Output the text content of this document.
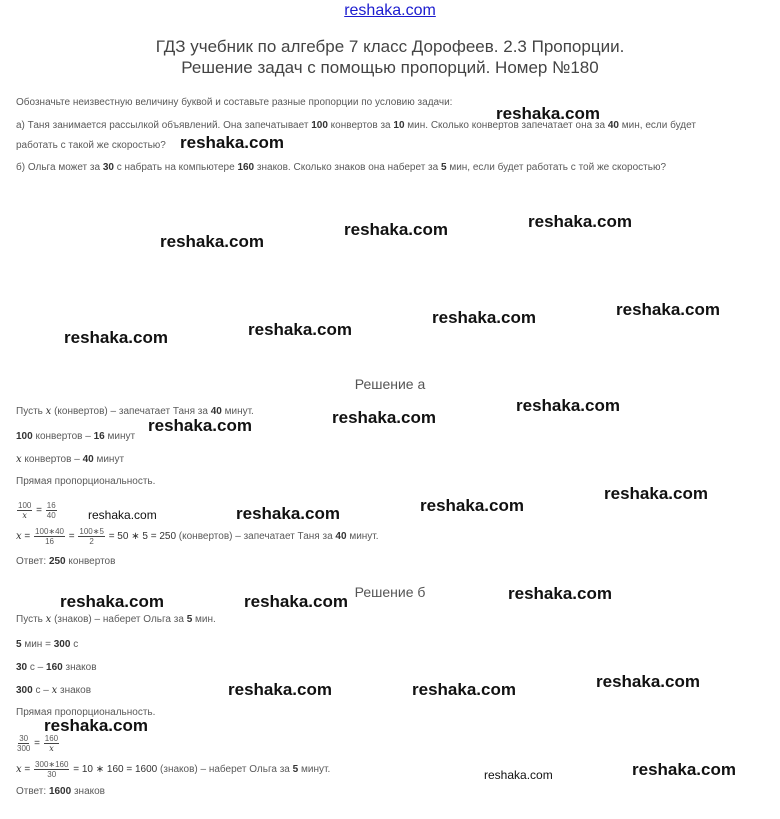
reshaka.com
ГДЗ учебник по алгебре 7 класс Дорофеев. 2.3 Пропорции.
Решение задач с помощью пропорций. Номер №180
Обозначьте неизвестную величину буквой и составьте разные пропорции по условию задачи:
а) Таня занимается рассылкой объявлений. Она запечатывает 100 конвертов за 10 мин. Сколько конвертов запечатает она за 40 мин, если будет
работать с такой же скоростью?
б) Ольга может за 30 с набрать на компьютере 160 знаков. Сколько знаков она наберет за 5 мин, если будет работать с той же скоростью?
Решение а
Пусть x (конвертов) – запечатает Таня за 40 минут.
100 конвертов – 16 минут
x конвертов – 40 минут
Прямая пропорциональность.
$\frac{100}{x} = \frac{16}{40}$
$x = \frac{100∗40}{16} = \frac{100∗5}{2} = 50$ ∗ 5 = 250 (конвертов) – запечатает Таня за 40 минут.
Ответ: 250 конвертов
Решение б
Пусть x (знаков) – наберет Ольга за 5 мин.
5 мин = 300 с
30 с – 160 знаков
300 с – x знаков
Прямая пропорциональность.
$\frac{30}{300} = \frac{160}{x}$
$x = \frac{300∗160}{30} = 10$ ∗ 160 = 1600 (знаков) – наберет Ольга за 5 минут.
Ответ: 1600 знаков
reshaka.com
reshaka.com
reshaka.com
reshaka.com
reshaka.com
reshaka.com
reshaka.com
reshaka.com
reshaka.com
reshaka.com
reshaka.com
reshaka.com
reshaka.com
reshaka.com
reshaka.com
reshaka.com
reshaka.com
reshaka.com
reshaka.com
reshaka.com
reshaka.com
reshaka.com
reshaka.com
reshaka.com
reshaka.com
